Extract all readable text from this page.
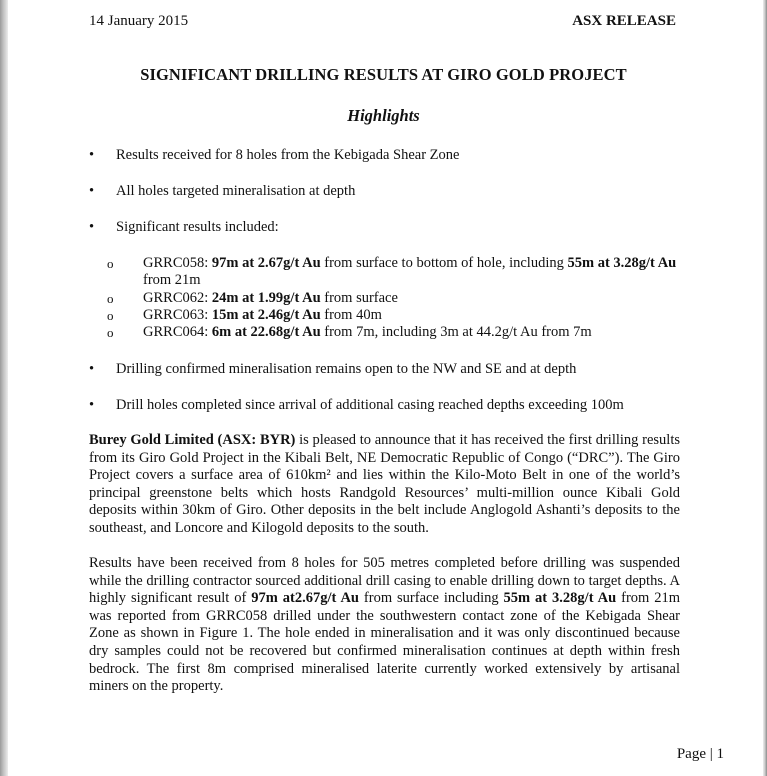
14 January 2015	ASX RELEASE
SIGNIFICANT DRILLING RESULTS AT GIRO GOLD PROJECT
Highlights
• Results received for 8 holes from the Kebigada Shear Zone
• All holes targeted mineralisation at depth
• Significant results included:
o GRRC058: 97m at 2.67g/t Au from surface to bottom of hole, including 55m at 3.28g/t Au from 21m
o GRRC062: 24m at 1.99g/t Au from surface
o GRRC063: 15m at 2.46g/t Au from 40m
o GRRC064: 6m at 22.68g/t Au from 7m, including 3m at 44.2g/t Au from 7m
• Drilling confirmed mineralisation remains open to the NW and SE and at depth
• Drill holes completed since arrival of additional casing reached depths exceeding 100m
Burey Gold Limited (ASX: BYR) is pleased to announce that it has received the first drilling results from its Giro Gold Project in the Kibali Belt, NE Democratic Republic of Congo (“DRC”). The Giro Project covers a surface area of 610km² and lies within the Kilo-Moto Belt in one of the world’s principal greenstone belts which hosts Randgold Resources’ multi-million ounce Kibali Gold deposits within 30km of Giro. Other deposits in the belt include Anglogold Ashanti’s deposits to the southeast, and Loncore and Kilogold deposits to the south.
Results have been received from 8 holes for 505 metres completed before drilling was suspended while the drilling contractor sourced additional drill casing to enable drilling down to target depths. A highly significant result of 97m at2.67g/t Au from surface including 55m at 3.28g/t Au from 21m was reported from GRRC058 drilled under the southwestern contact zone of the Kebigada Shear Zone as shown in Figure 1. The hole ended in mineralisation and it was only discontinued because dry samples could not be recovered but confirmed mineralisation continues at depth within fresh bedrock. The first 8m comprised mineralised laterite currently worked extensively by artisanal miners on the property.
Page | 1
